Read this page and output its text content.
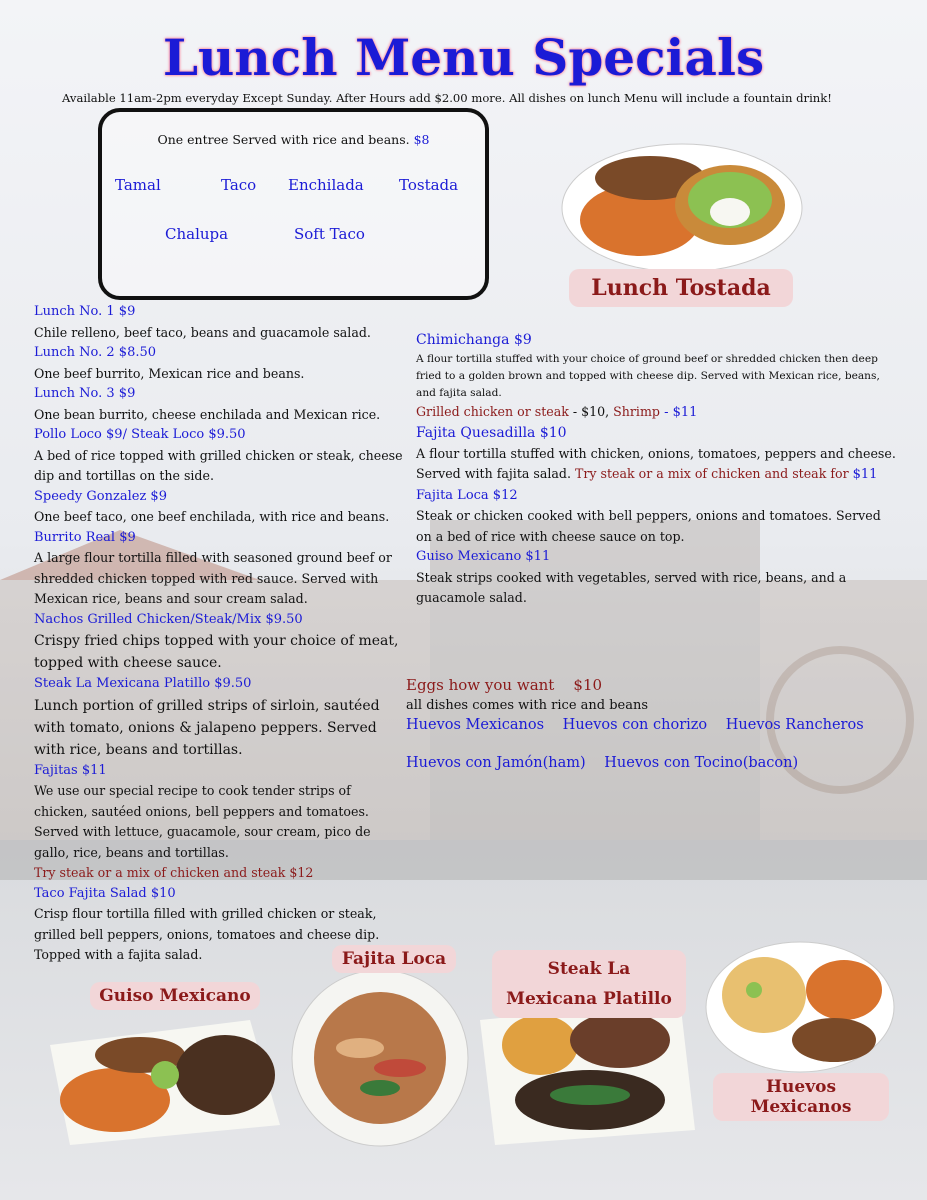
Lunch Menu Specials
Available 11am-2pm everyday Except Sunday. After Hours add $2.00 more. All dishes on lunch Menu will include a fountain drink!
One entree Served with rice and beans. $8
Tamal	Taco Enchilada Tostada
Chalupa	Soft Taco
Lunch Tostada
Lunch No. 1 $9
Chile relleno, beef taco, beans and guacamole salad.
Lunch No. 2 $8.50
One beef burrito, Mexican rice and beans.
Lunch No. 3 $9
One bean burrito, cheese enchilada and Mexican rice.
Pollo Loco $9/ Steak Loco $9.50
A bed of rice topped with grilled chicken or steak, cheese dip and tortillas on the side.
Speedy Gonzalez $9
One beef taco, one beef enchilada, with rice and beans.
Burrito Real $9
A large flour tortilla filled with seasoned ground beef or shredded chicken topped with red sauce. Served with Mexican rice, beans and sour cream salad.
Nachos Grilled Chicken/Steak/Mix $9.50
Crispy fried chips topped with your choice of meat, topped with cheese sauce.
Steak La Mexicana Platillo $9.50
Lunch portion of grilled strips of sirloin, sautéed with tomato, onions & jalapeno peppers. Served with rice, beans and tortillas.
Fajitas $11
We use our special recipe to cook tender strips of chicken, sautéed onions, bell peppers and tomatoes. Served with lettuce, guacamole, sour cream, pico de gallo, rice, beans and tortillas.
Try steak or a mix of chicken and steak $12
Taco Fajita Salad $10
Crisp flour tortilla filled with grilled chicken or steak, grilled bell peppers, onions, tomatoes and cheese dip. Topped with a fajita salad.
Chimichanga $9
A flour tortilla stuffed with your choice of ground beef or shredded chicken then deep fried to a golden brown and topped with cheese dip. Served with Mexican rice, beans, and fajita salad.
Grilled chicken or steak - $10, Shrimp - $11
Fajita Quesadilla $10
A flour tortilla stuffed with chicken, onions, tomatoes, peppers and cheese. Served with fajita salad. Try steak or a mix of chicken and steak for $11
Fajita Loca $12
Steak or chicken cooked with bell peppers, onions and tomatoes. Served on a bed of rice with cheese sauce on top.
Guiso Mexicano $11
Steak strips cooked with vegetables, served with rice, beans, and a guacamole salad.
Eggs how you want $10
all dishes comes with rice and beans
Huevos Mexicanos Huevos con chorizo Huevos Rancheros
Huevos con Jamón(ham) Huevos con Tocino(bacon)
Guiso Mexicano
Fajita Loca	Steak La Mexicana Platillo
Huevos Mexicanos
